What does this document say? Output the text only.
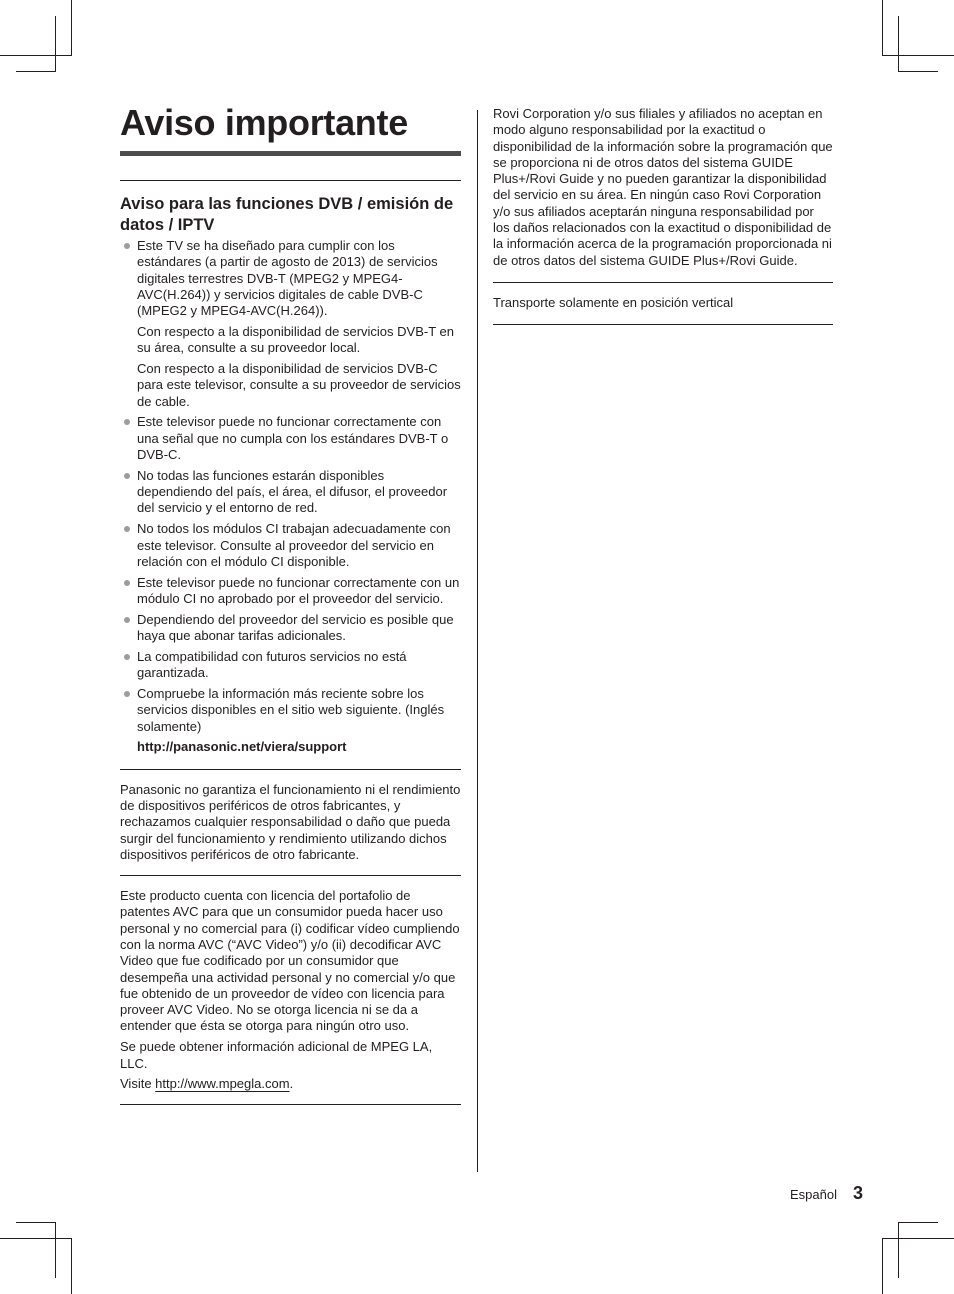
Aviso importante
Aviso para las funciones DVB / emisión de datos / IPTV
Este TV se ha diseñado para cumplir con los estándares (a partir de agosto de 2013) de servicios digitales terrestres DVB-T (MPEG2 y MPEG4-AVC(H.264)) y servicios digitales de cable DVB-C (MPEG2 y MPEG4-AVC(H.264)).
Con respecto a la disponibilidad de servicios DVB-T en su área, consulte a su proveedor local.
Con respecto a la disponibilidad de servicios DVB-C para este televisor, consulte a su proveedor de servicios de cable.
Este televisor puede no funcionar correctamente con una señal que no cumpla con los estándares DVB-T o DVB-C.
No todas las funciones estarán disponibles dependiendo del país, el área, el difusor, el proveedor del servicio y el entorno de red.
No todos los módulos CI trabajan adecuadamente con este televisor. Consulte al proveedor del servicio en relación con el módulo CI disponible.
Este televisor puede no funcionar correctamente con un módulo CI no aprobado por el proveedor del servicio.
Dependiendo del proveedor del servicio es posible que haya que abonar tarifas adicionales.
La compatibilidad con futuros servicios no está garantizada.
Compruebe la información más reciente sobre los servicios disponibles en el sitio web siguiente. (Inglés solamente)
http://panasonic.net/viera/support

Panasonic no garantiza el funcionamiento ni el rendimiento de dispositivos periféricos de otros fabricantes, y rechazamos cualquier responsabilidad o daño que pueda surgir del funcionamiento y rendimiento utilizando dichos dispositivos periféricos de otro fabricante.

Este producto cuenta con licencia del portafolio de patentes AVC para que un consumidor pueda hacer uso personal y no comercial para (i) codificar vídeo cumpliendo con la norma AVC (“AVC Video”) y/o (ii) decodificar AVC Video que fue codificado por un consumidor que desempeña una actividad personal y no comercial y/o que fue obtenido de un proveedor de vídeo con licencia para proveer AVC Video. No se otorga licencia ni se da a entender que ésta se otorga para ningún otro uso.

Se puede obtener información adicional de MPEG LA, LLC.

Visite http://www.mpegla.com.

Rovi Corporation y/o sus filiales y afiliados no aceptan en modo alguno responsabilidad por la exactitud o disponibilidad de la información sobre la programación que se proporciona ni de otros datos del sistema GUIDE Plus+/Rovi Guide y no pueden garantizar la disponibilidad del servicio en su área. En ningún caso Rovi Corporation y/o sus afiliados aceptarán ninguna responsabilidad por los daños relacionados con la exactitud o disponibilidad de la información acerca de la programación proporcionada ni de otros datos del sistema GUIDE Plus+/Rovi Guide.

Transporte solamente en posición vertical

Español 3
